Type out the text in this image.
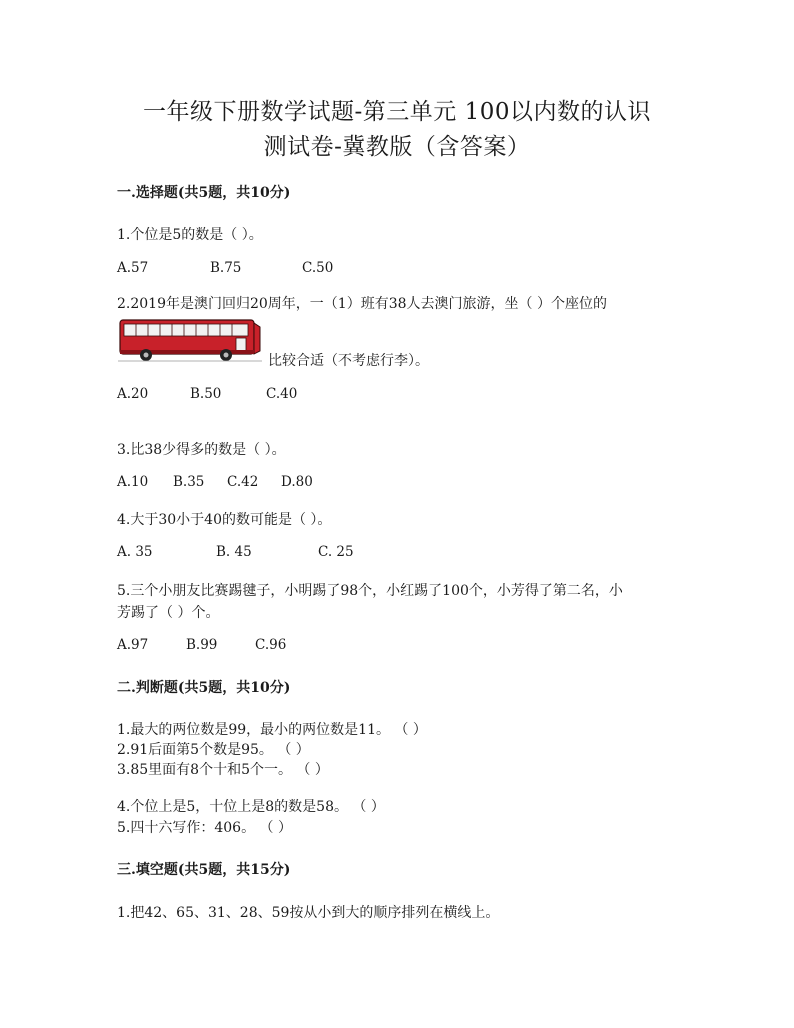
一年级下册数学试题-第三单元 100以内数的认识
测试卷-冀教版（含答案）
一.选择题(共5题，共10分)
1.个位是5的数是（ ）。
A.57	B.75	C.50
2.2019年是澳门回归20周年，一（1）班有38人去澳门旅游，坐（ ）个座位的
比较合适（不考虑行李）。
A.20	B.50	C.40
3.比38少得多的数是（ ）。
A.10 B.35 C.42 D.80
4.大于30小于40的数可能是（ ）。
A. 35	B. 45	C. 25
5.三个小朋友比赛踢毽子，小明踢了98个，小红踢了100个，小芳得了第二名，小
芳踢了（ ）个。
A.97	B.99	C.96
二.判断题(共5题，共10分)
1.最大的两位数是99，最小的两位数是11。 （ ）
2.91后面第5个数是95。 （ ）
3.85里面有8个十和5个一。 （ ）
4.个位上是5，十位上是8的数是58。 （ ）
5.四十六写作：406。 （ ）
三.填空题(共5题，共15分)
1.把42、65、31、28、59按从小到大的顺序排列在横线上。
